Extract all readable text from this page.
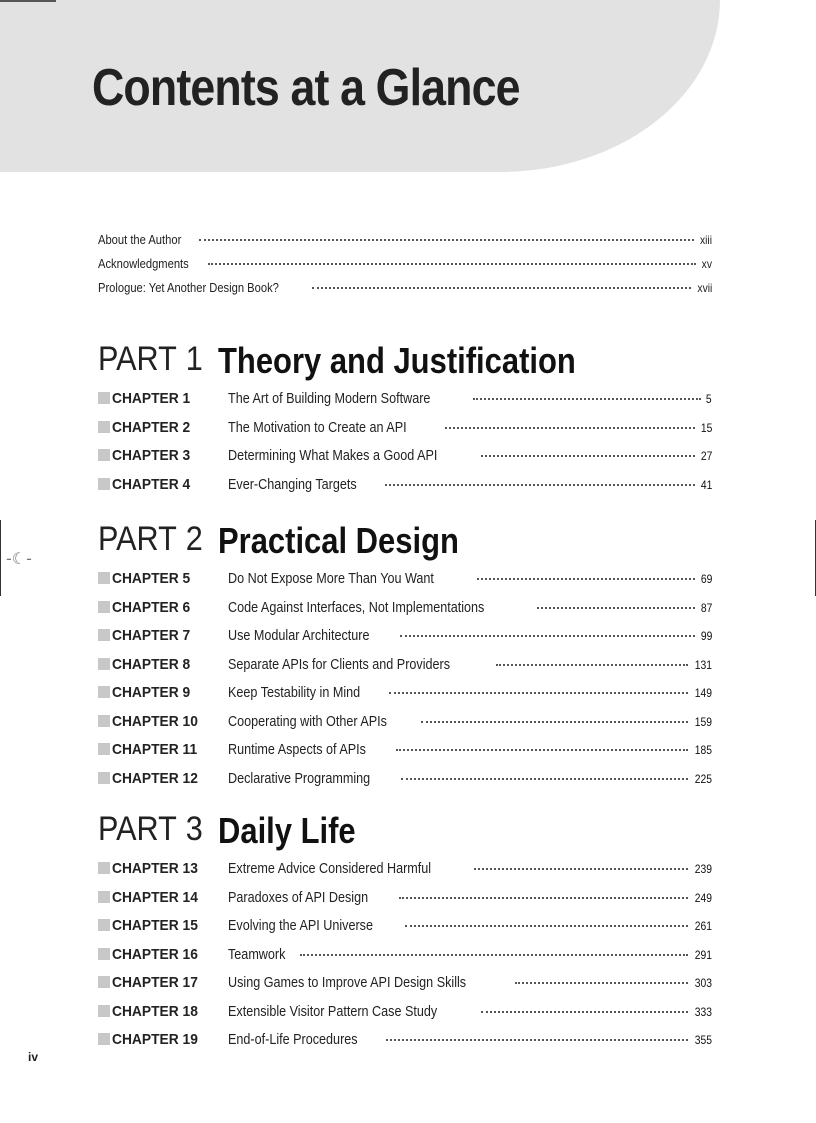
Contents at a Glance
-☾-
About the Author	xiii
Acknowledgments	xv
Prologue: Yet Another Design Book?	xvii
PART 1 Theory and Justification
CHAPTER 1	The Art of Building Modern Software	5
CHAPTER 2	The Motivation to Create an API	15
CHAPTER 3	Determining What Makes a Good API	27
CHAPTER 4	Ever-Changing Targets	41
PART 2 Practical Design
CHAPTER 5	Do Not Expose More Than You Want	69
CHAPTER 6	Code Against Interfaces, Not Implementations	87
CHAPTER 7	Use Modular Architecture	99
CHAPTER 8	Separate APIs for Clients and Providers	131
CHAPTER 9	Keep Testability in Mind	149
CHAPTER 10	Cooperating with Other APIs	159
CHAPTER 11	Runtime Aspects of APIs	185
CHAPTER 12	Declarative Programming	225
PART 3 Daily Life
CHAPTER 13	Extreme Advice Considered Harmful	239
CHAPTER 14	Paradoxes of API Design	249
CHAPTER 15	Evolving the API Universe	261
CHAPTER 16	Teamwork	291
CHAPTER 17	Using Games to Improve API Design Skills	303
CHAPTER 18	Extensible Visitor Pattern Case Study	333
CHAPTER 19	End-of-Life Procedures	355
iv
